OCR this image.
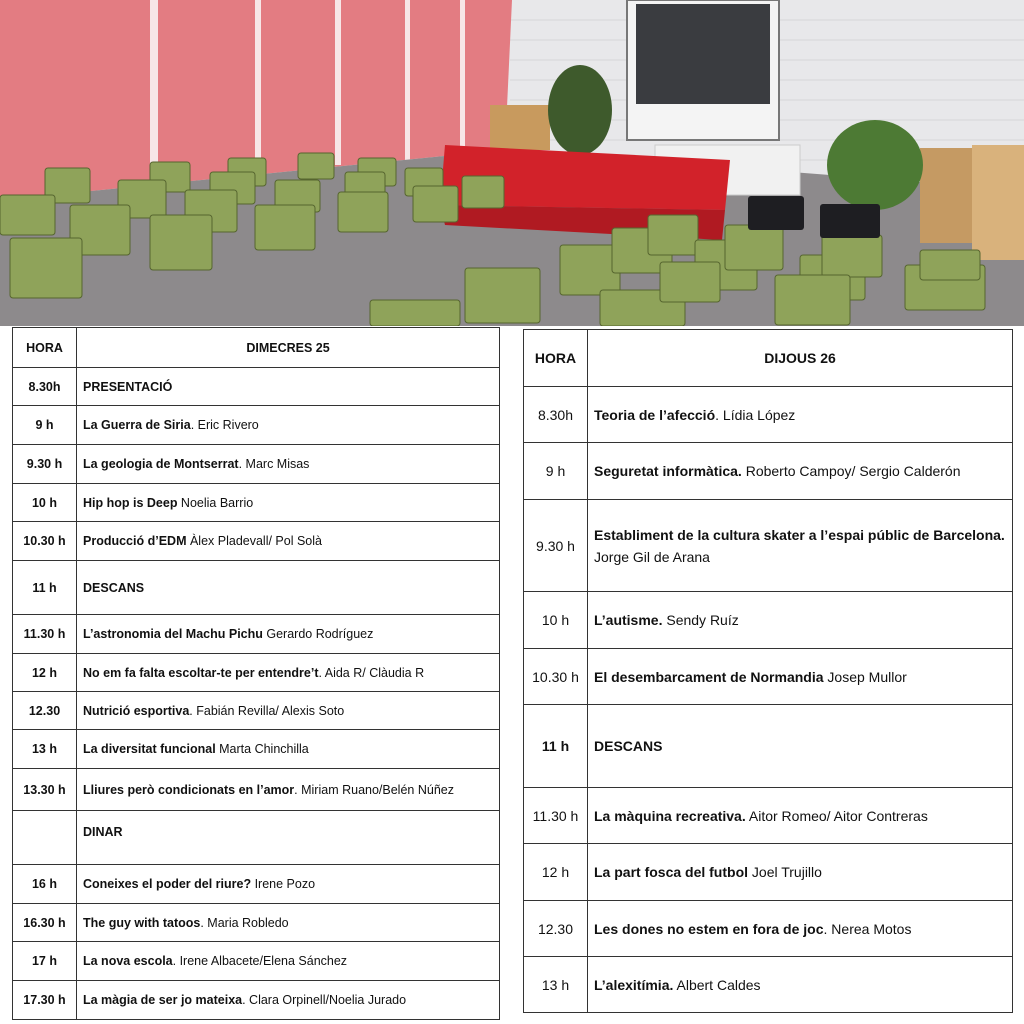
HORA	DIMECRES 25
8.30h	PRESENTACIÓ
9 h	La Guerra de Siria. Eric Rivero
9.30 h	La geologia de Montserrat. Marc Misas
10 h	Hip hop is Deep Noelia Barrio
10.30 h	Producció d’EDM Àlex Pladevall/ Pol Solà
11 h	DESCANS
11.30 h	L’astronomia del Machu Pichu Gerardo Rodríguez
12 h	No em fa falta escoltar-te per entendre’t. Aida R/ Clàudia R
12.30	Nutrició esportiva. Fabián Revilla/ Alexis Soto
13 h	La diversitat funcional Marta Chinchilla
13.30 h	Lliures però condicionats en l’amor. Miriam Ruano/Belén Núñez
	DINAR
16 h	Coneixes el poder del riure? Irene Pozo
16.30 h	The guy with tatoos. Maria Robledo
17 h	La nova escola. Irene Albacete/Elena Sánchez
17.30 h	La màgia de ser jo mateixa. Clara Orpinell/Noelia Jurado
HORA	DIJOUS 26
8.30h	Teoria de l’afecció. Lídia López
9 h	Seguretat informàtica. Roberto Campoy/ Sergio Calderón
9.30 h	Establiment de la cultura skater a l’espai públic de Barcelona. Jorge Gil de Arana
10 h	L’autisme. Sendy Ruíz
10.30 h	El desembarcament de Normandia Josep Mullor
11 h	DESCANS
11.30 h	La màquina recreativa. Aitor Romeo/ Aitor Contreras
12 h	La part fosca del futbol Joel Trujillo
12.30	Les dones no estem en fora de joc. Nerea Motos
13 h	L’alexitímia. Albert Caldes
